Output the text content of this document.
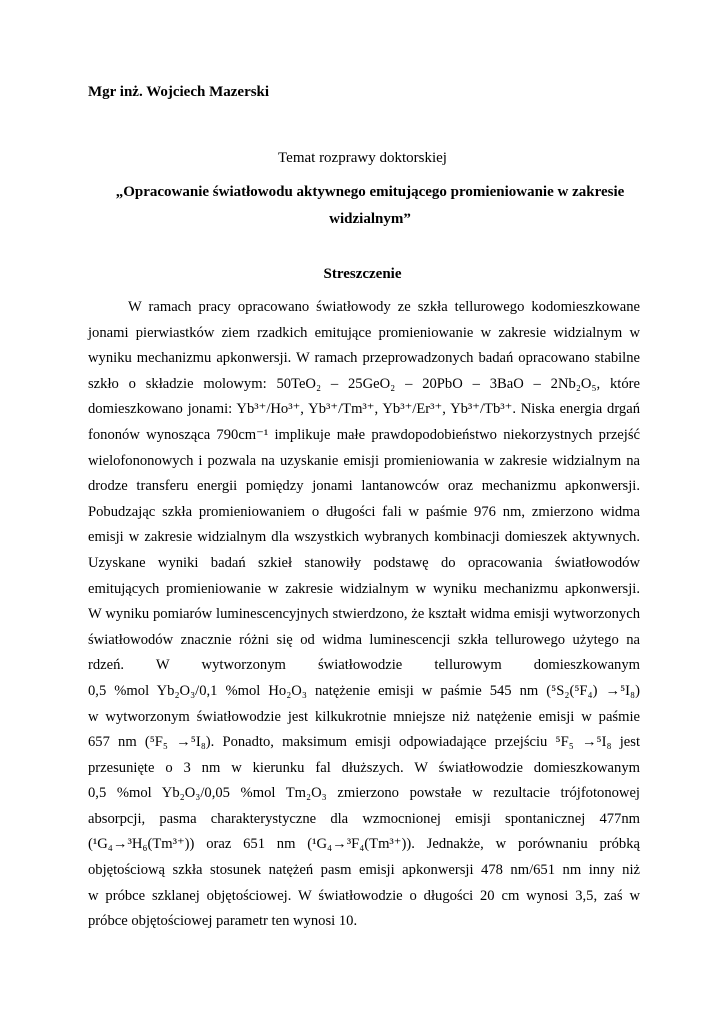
Mgr inż. Wojciech Mazerski
Temat rozprawy doktorskiej
„Opracowanie światłowodu aktywnego emitującego promieniowanie w zakresie
widzialnym”
Streszczenie
W ramach pracy opracowano światłowody ze szkła tellurowego kodomieszkowane
jonami pierwiastków ziem rzadkich emitujące promieniowanie w zakresie widzialnym w
wyniku mechanizmu apkonwersji. W ramach przeprowadzonych badań opracowano stabilne
szkło o składzie molowym: 50TeO₂ – 25GeO₂ – 20PbO – 3BaO – 2Nb₂O₅, które
domieszkowano jonami: Yb³⁺/Ho³⁺, Yb³⁺/Tm³⁺, Yb³⁺/Er³⁺, Yb³⁺/Tb³⁺. Niska energia drgań
fononów wynosząca 790cm⁻¹ implikuje małe prawdopodobieństwo niekorzystnych przejść
wielofononowych i pozwala na uzyskanie emisji promieniowania w zakresie widzialnym na
drodze transferu energii pomiędzy jonami lantanowców oraz mechanizmu apkonwersji.
Pobudzając szkła promieniowaniem o długości fali w paśmie 976 nm, zmierzono widma
emisji w zakresie widzialnym dla wszystkich wybranych kombinacji domieszek aktywnych.
Uzyskane wyniki badań szkieł stanowiły podstawę do opracowania światłowodów
emitujących promieniowanie w zakresie widzialnym w wyniku mechanizmu apkonwersji.
W wyniku pomiarów luminescencyjnych stwierdzono, że kształt widma emisji wytworzonych
światłowodów znacznie różni się od widma luminescencji szkła tellurowego użytego na
rdzeń. W wytworzonym światłowodzie tellurowym domieszkowanym
0,5 %mol Yb₂O₃/0,1 %mol Ho₂O₃ natężenie emisji w paśmie 545 nm (⁵S₂(⁵F₄) →⁵I₈)
w wytworzonym światłowodzie jest kilkukrotnie mniejsze niż natężenie emisji w paśmie
657 nm (⁵F₅ →⁵I₈). Ponadto, maksimum emisji odpowiadające przejściu ⁵F₅ →⁵I₈ jest
przesunięte o 3 nm w kierunku fal dłuższych. W światłowodzie domieszkowanym
0,5 %mol Yb₂O₃/0,05 %mol Tm₂O₃ zmierzono powstałe w rezultacie trójfotonowej
absorpcji, pasma charakterystyczne dla wzmocnionej emisji spontanicznej 477nm
(¹G₄→³H₆(Tm³⁺)) oraz 651 nm (¹G₄→³F₄(Tm³⁺)). Jednakże, w porównaniu próbką
objętościową szkła stosunek natężeń pasm emisji apkonwersji 478 nm/651 nm inny niż
w próbce szklanej objętościowej. W światłowodzie o długości 20 cm wynosi 3,5, zaś w
próbce objętościowej parametr ten wynosi 10.
